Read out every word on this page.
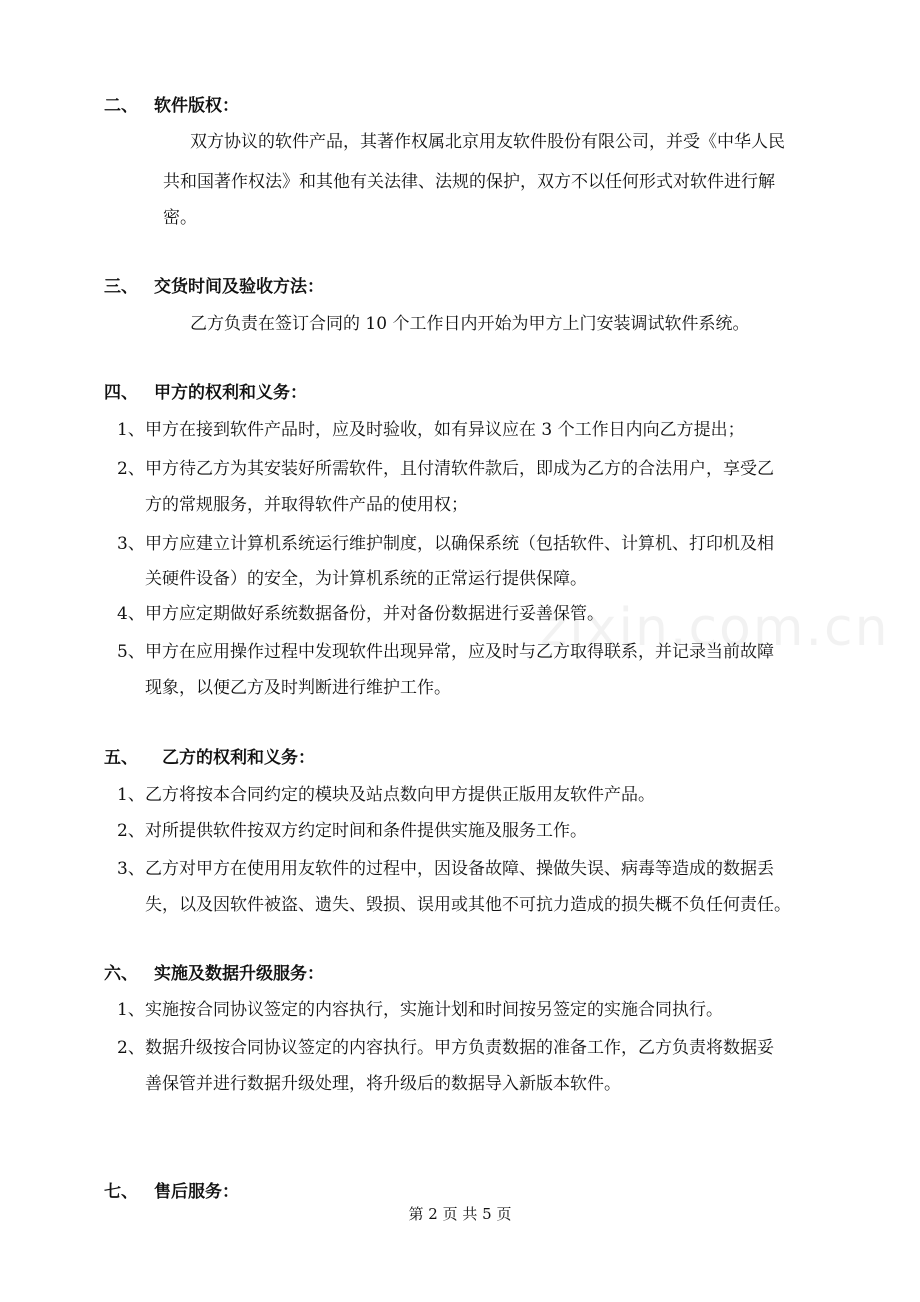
zixin.com.cn
二、 软件版权：
双方协议的软件产品，其著作权属北京用友软件股份有限公司，并受《中华人民
共和国著作权法》和其他有关法律、法规的保护，双方不以任何形式对软件进行解
密。
三、 交货时间及验收方法：
乙方负责在签订合同的 10 个工作日内开始为甲方上门安装调试软件系统。
四、 甲方的权利和义务：
1、甲方在接到软件产品时，应及时验收，如有异议应在 3 个工作日内向乙方提出；
2、甲方待乙方为其安装好所需软件，且付清软件款后，即成为乙方的合法用户，享受乙
方的常规服务，并取得软件产品的使用权；
3、甲方应建立计算机系统运行维护制度，以确保系统（包括软件、计算机、打印机及相
关硬件设备）的安全，为计算机系统的正常运行提供保障。
4、甲方应定期做好系统数据备份，并对备份数据进行妥善保管。
5、甲方在应用操作过程中发现软件出现异常，应及时与乙方取得联系，并记录当前故障
现象，以便乙方及时判断进行维护工作。
五、 乙方的权利和义务：
1、乙方将按本合同约定的模块及站点数向甲方提供正版用友软件产品。
2、对所提供软件按双方约定时间和条件提供实施及服务工作。
3、乙方对甲方在使用用友软件的过程中，因设备故障、操做失误、病毒等造成的数据丢
失，以及因软件被盗、遗失、毁损、误用或其他不可抗力造成的损失概不负任何责任。
六、 实施及数据升级服务：
1、实施按合同协议签定的内容执行，实施计划和时间按另签定的实施合同执行。
2、数据升级按合同协议签定的内容执行。甲方负责数据的准备工作，乙方负责将数据妥
善保管并进行数据升级处理，将升级后的数据导入新版本软件。
七、 售后服务：
第 2 页 共 5 页
